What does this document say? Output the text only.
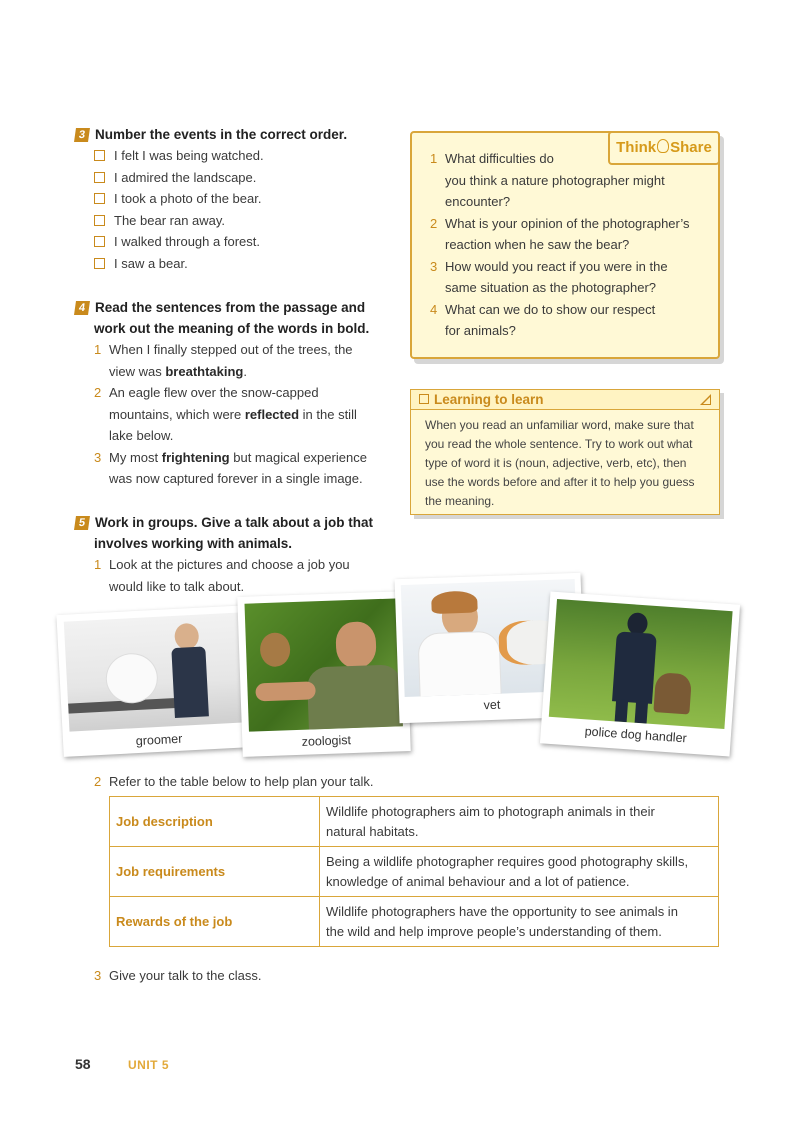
3 Number the events in the correct order.
I felt I was being watched.
I admired the landscape.
I took a photo of the bear.
The bear ran away.
I walked through a forest.
I saw a bear.
4 Read the sentences from the passage and
work out the meaning of the words in bold.
1 When I finally stepped out of the trees, the
view was breathtaking.
2 An eagle flew over the snow-capped
mountains, which were reflected in the still
lake below.
3 My most frightening but magical experience
was now captured forever in a single image.
5 Work in groups. Give a talk about a job that
involves working with animals.
1 Look at the pictures and choose a job you
would like to talk about.
1 What difficulties do
you think a nature photographer might
encounter?
2 What is your opinion of the photographer’s
reaction when he saw the bear?
3 How would you react if you were in the
same situation as the photographer?
4 What can we do to show our respect
for animals?
Think Share
Learning to learn
When you read an unfamiliar word, make sure that
you read the whole sentence. Try to work out what
type of word it is (noun, adjective, verb, etc), then
use the words before and after it to help you guess
the meaning.
groomer	zoologist
vet
police dog handler
2 Refer to the table below to help plan your talk.
Job description	Wildlife photographers aim to photograph animals in their
natural habitats.

Job requirements	Being a wildlife photographer requires good photography skills,
knowledge of animal behaviour and a lot of patience.

Rewards of the job	Wildlife photographers have the opportunity to see animals in
the wild and help improve people’s understanding of them.
3 Give your talk to the class.
58	UNIT 5
